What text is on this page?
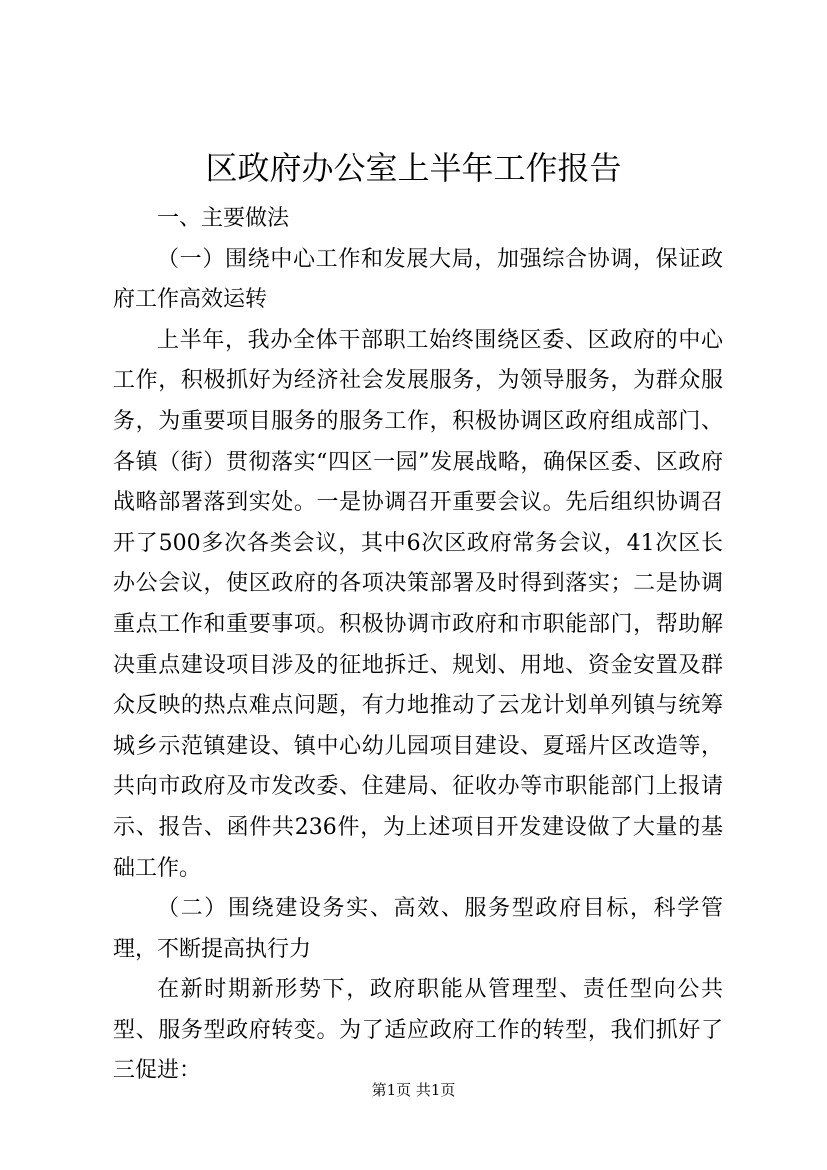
区政府办公室上半年工作报告

一、主要做法

（一）围绕中心工作和发展大局，加强综合协调，保证政府工作高效运转

上半年，我办全体干部职工始终围绕区委、区政府的中心工作，积极抓好为经济社会发展服务，为领导服务，为群众服务，为重要项目服务的服务工作，积极协调区政府组成部门、各镇（街）贯彻落实“四区一园”发展战略，确保区委、区政府战略部署落到实处。一是协调召开重要会议。先后组织协调召开了500多次各类会议，其中6次区政府常务会议，41次区长办公会议，使区政府的各项决策部署及时得到落实；二是协调重点工作和重要事项。积极协调市政府和市职能部门，帮助解决重点建设项目涉及的征地拆迁、规划、用地、资金安置及群众反映的热点难点问题，有力地推动了云龙计划单列镇与统筹城乡示范镇建设、镇中心幼儿园项目建设、夏瑶片区改造等，共向市政府及市发改委、住建局、征收办等市职能部门上报请示、报告、函件共236件，为上述项目开发建设做了大量的基础工作。

（二）围绕建设务实、高效、服务型政府目标，科学管理，不断提高执行力

在新时期新形势下，政府职能从管理型、责任型向公共型、服务型政府转变。为了适应政府工作的转型，我们抓好了三促进：

第1页 共1页
